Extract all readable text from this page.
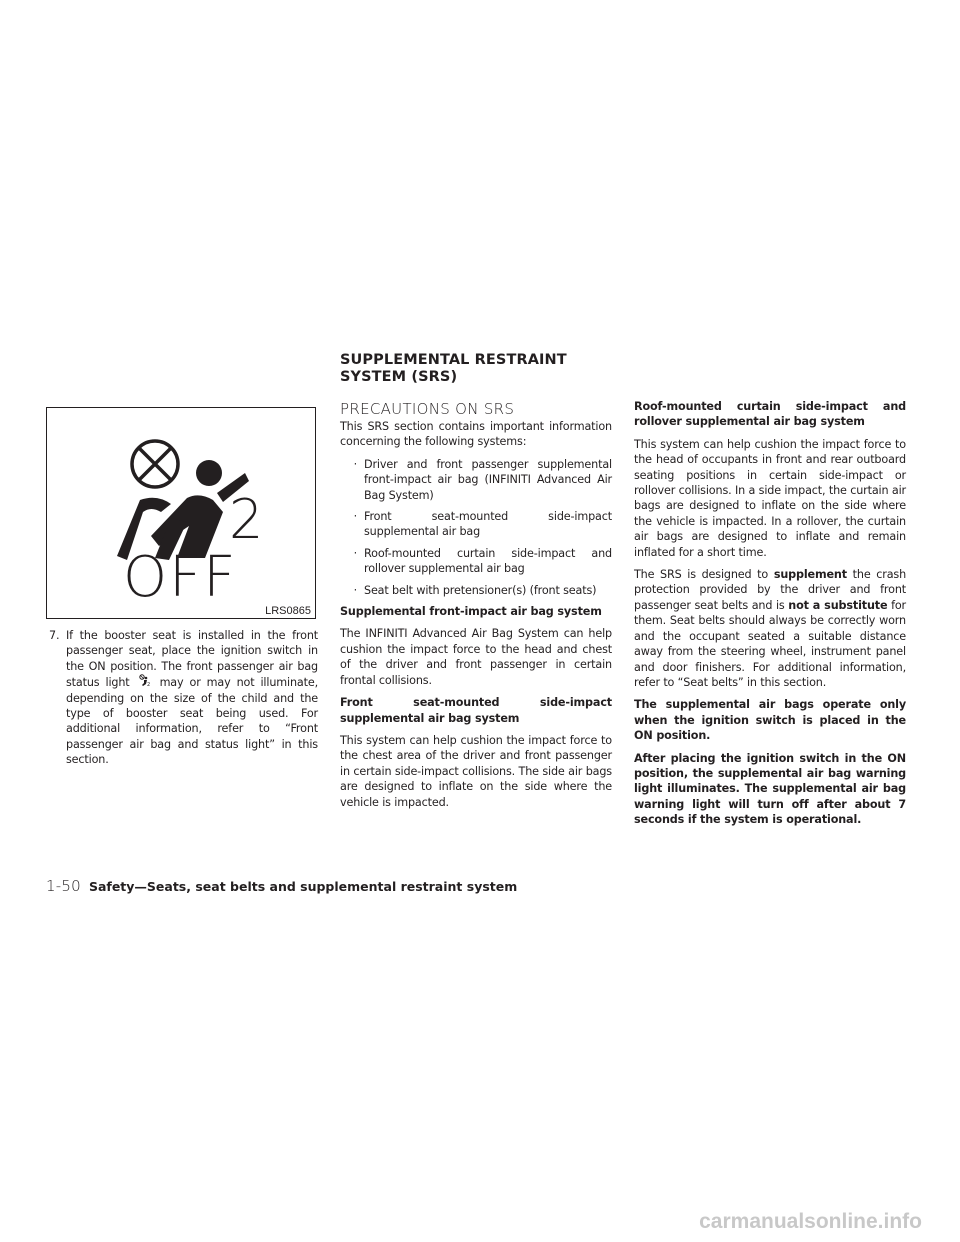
SUPPLEMENTAL RESTRAINT
SYSTEM (SRS)
2
OFF
LRS0865
7. If the booster seat is installed in the front passenger seat, place the ignition switch in the ON position. The front passenger air bag status light	2 may or may not illuminate, depending on the size of the child and the type of booster seat being used. For additional information, refer to “Front passenger air bag and status light” in this section.
PRECAUTIONS ON SRS

This SRS section contains important information concerning the following systems:

· Driver and front passenger supplemental front-impact air bag (INFINITI Advanced Air Bag System)
· Front seat-mounted side-impact supplemental air bag
· Roof-mounted curtain side-impact and rollover supplemental air bag
· Seat belt with pretensioner(s) (front seats)

Supplemental front-impact air bag system

The INFINITI Advanced Air Bag System can help cushion the impact force to the head and chest of the driver and front passenger in certain frontal collisions.

Front seat-mounted side-impact supplemental air bag system

This system can help cushion the impact force to the chest area of the driver and front passenger in certain side-impact collisions. The side air bags are designed to inflate on the side where the vehicle is impacted.

Roof-mounted curtain side-impact and rollover supplemental air bag system

This system can help cushion the impact force to the head of occupants in front and rear outboard seating positions in certain side-impact or rollover collisions. In a side impact, the curtain air bags are designed to inflate on the side where the vehicle is impacted. In a rollover, the curtain air bags are designed to inflate and remain inflated for a short time.

The SRS is designed to supplement the crash protection provided by the driver and front passenger seat belts and is not a substitute for them. Seat belts should always be correctly worn and the occupant seated a suitable distance away from the steering wheel, instrument panel and door finishers. For additional information, refer to “Seat belts” in this section.

The supplemental air bags operate only when the ignition switch is placed in the ON position.

After placing the ignition switch in the ON position, the supplemental air bag warning light illuminates. The supplemental air bag warning light will turn off after about 7 seconds if the system is operational.

1-50 Safety—Seats, seat belts and supplemental restraint system
carmanualsonline.info
